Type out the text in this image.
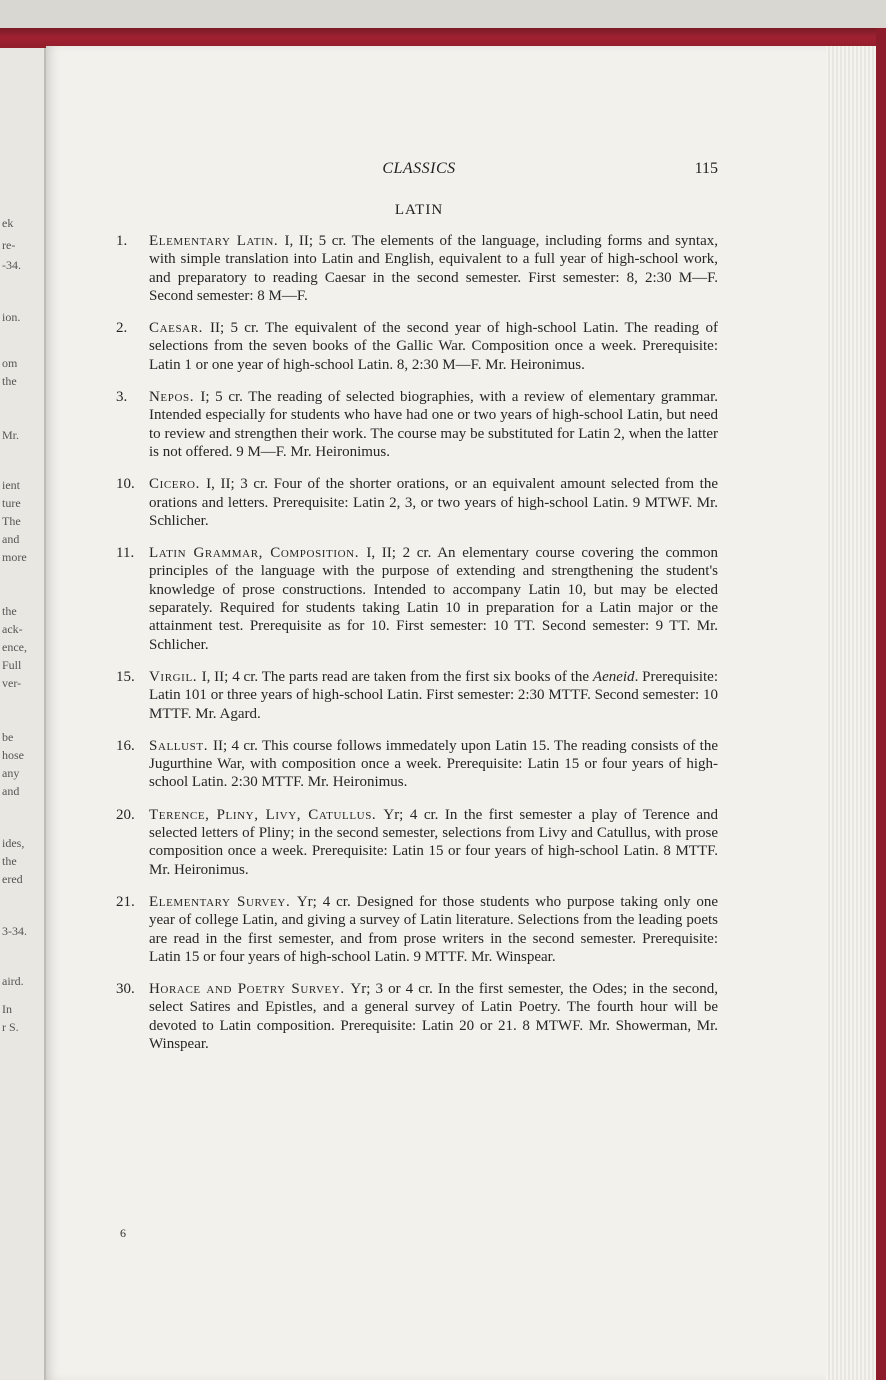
ek
re-
-34.
ion.
om
the
Mr.
ient
ture
The
and
more
the
ack-
ence,
Full
ver-
be
hose
any
and
ides,
the
ered
3-34.
aird.
In
r S.
CLASSICS	115
LATIN
1.	Elementary Latin. I, II; 5 cr. The elements of the language, including forms and syntax, with simple translation into Latin and English, equivalent to a full year of high-school work, and preparatory to reading Caesar in the second semester. First semester: 8, 2:30 M—F. Second semester: 8 M—F.
2.	Caesar. II; 5 cr. The equivalent of the second year of high-school Latin. The reading of selections from the seven books of the Gallic War. Composition once a week. Prerequisite: Latin 1 or one year of high-school Latin. 8, 2:30 M—F. Mr. Heironimus.
3.	Nepos. I; 5 cr. The reading of selected biographies, with a review of elementary grammar. Intended especially for students who have had one or two years of high-school Latin, but need to review and strengthen their work. The course may be substituted for Latin 2, when the latter is not offered. 9 M—F. Mr. Heironimus.
10. Cicero. I, II; 3 cr. Four of the shorter orations, or an equivalent amount selected from the orations and letters. Prerequisite: Latin 2, 3, or two years of high-school Latin. 9 MTWF. Mr. Schlicher.
11. Latin Grammar, Composition. I, II; 2 cr. An elementary course covering the common principles of the language with the purpose of extending and strengthening the student's knowledge of prose constructions. Intended to accompany Latin 10, but may be elected separately. Required for students taking Latin 10 in preparation for a Latin major or the attainment test. Prerequisite as for 10. First semester: 10 TT. Second semester: 9 TT. Mr. Schlicher.
15. Virgil. I, II; 4 cr. The parts read are taken from the first six books of the Aeneid. Prerequisite: Latin 101 or three years of high-school Latin. First semester: 2:30 MTTF. Second semester: 10 MTTF. Mr. Agard.
16. Sallust. II; 4 cr. This course follows immedately upon Latin 15. The reading consists of the Jugurthine War, with composition once a week. Prerequisite: Latin 15 or four years of high-school Latin. 2:30 MTTF. Mr. Heironimus.
20. Terence, Pliny, Livy, Catullus. Yr; 4 cr. In the first semester a play of Terence and selected letters of Pliny; in the second semester, selections from Livy and Catullus, with prose composition once a week. Prerequisite: Latin 15 or four years of high-school Latin. 8 MTTF. Mr. Heironimus.
21. Elementary Survey. Yr; 4 cr. Designed for those students who purpose taking only one year of college Latin, and giving a survey of Latin literature. Selections from the leading poets are read in the first semester, and from prose writers in the second semester. Prerequisite: Latin 15 or four years of high-school Latin. 9 MTTF. Mr. Winspear.
30. Horace and Poetry Survey. Yr; 3 or 4 cr. In the first semester, the Odes; in the second, select Satires and Epistles, and a general survey of Latin Poetry. The fourth hour will be devoted to Latin composition. Prerequisite: Latin 20 or 21. 8 MTWF. Mr. Showerman, Mr. Winspear.
6
